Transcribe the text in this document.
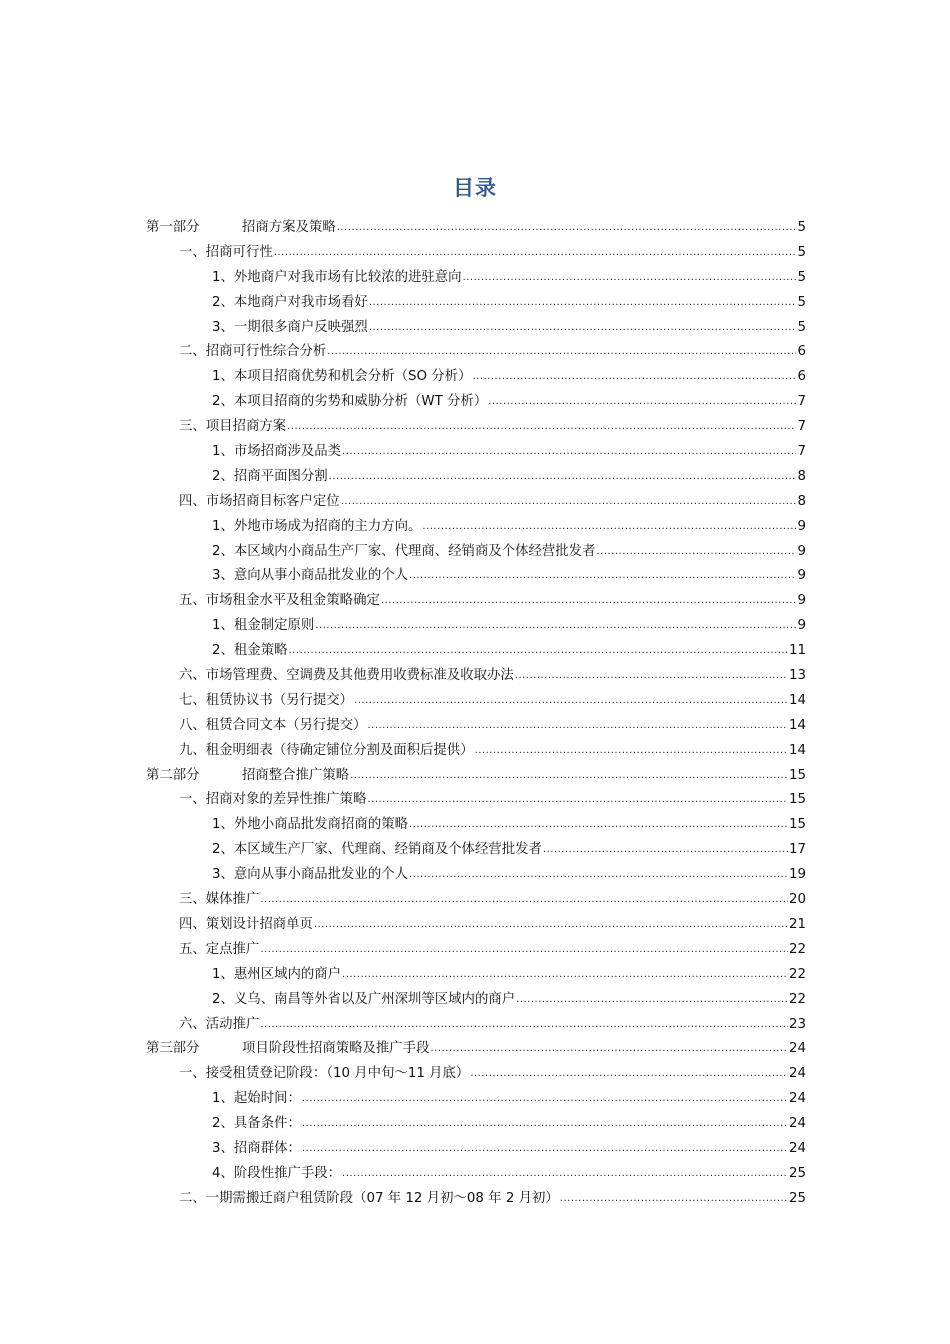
目录
第一部分	招商方案及策略 .....	5
一、招商可行性 .....	5
1、外地商户对我市场有比较浓的进驻意向 .....	5
2、本地商户对我市场看好 .....	5
3、一期很多商户反映强烈 .....	5
二、招商可行性综合分析 .....	6
1、本项目招商优势和机会分析（SO 分析） .....	6
2、本项目招商的劣势和威胁分析（WT 分析） .....	7
三、项目招商方案 .....	7
1、市场招商涉及品类 .....	7
2、招商平面图分割 .....	8
四、市场招商目标客户定位 .....	8
1、外地市场成为招商的主力方向。 .....	9
2、本区域内小商品生产厂家、代理商、经销商及个体经营批发者 .....	9
3、意向从事小商品批发业的个人 .....	9
五、市场租金水平及租金策略确定 .....	9
1、租金制定原则 .....	9
2、租金策略 .....	11
六、市场管理费、空调费及其他费用收费标准及收取办法 .....	13
七、租赁协议书（另行提交） .....	14
八、租赁合同文本（另行提交） .....	14
九、租金明细表（待确定铺位分割及面积后提供） .....	14
第二部分	招商整合推广策略 .....	15
一、招商对象的差异性推广策略 .....	15
1、外地小商品批发商招商的策略 .....	15
2、本区域生产厂家、代理商、经销商及个体经营批发者 .....	17
3、意向从事小商品批发业的个人 .....	19
三、媒体推广 .....	20
四、策划设计招商单页 .....	21
五、定点推广 .....	22
1、惠州区域内的商户 .....	22
2、义乌、南昌等外省以及广州深圳等区域内的商户 .....	22
六、活动推广 .....	23
第三部分	项目阶段性招商策略及推广手段 .....	24
一、接受租赁登记阶段：（10 月中旬～11 月底） .....	24
1、起始时间： .....	24
2、具备条件： .....	24
3、招商群体： .....	24
4、阶段性推广手段： .....	25
二、一期需搬迁商户租赁阶段（07 年 12 月初～08 年 2 月初） .....	25
